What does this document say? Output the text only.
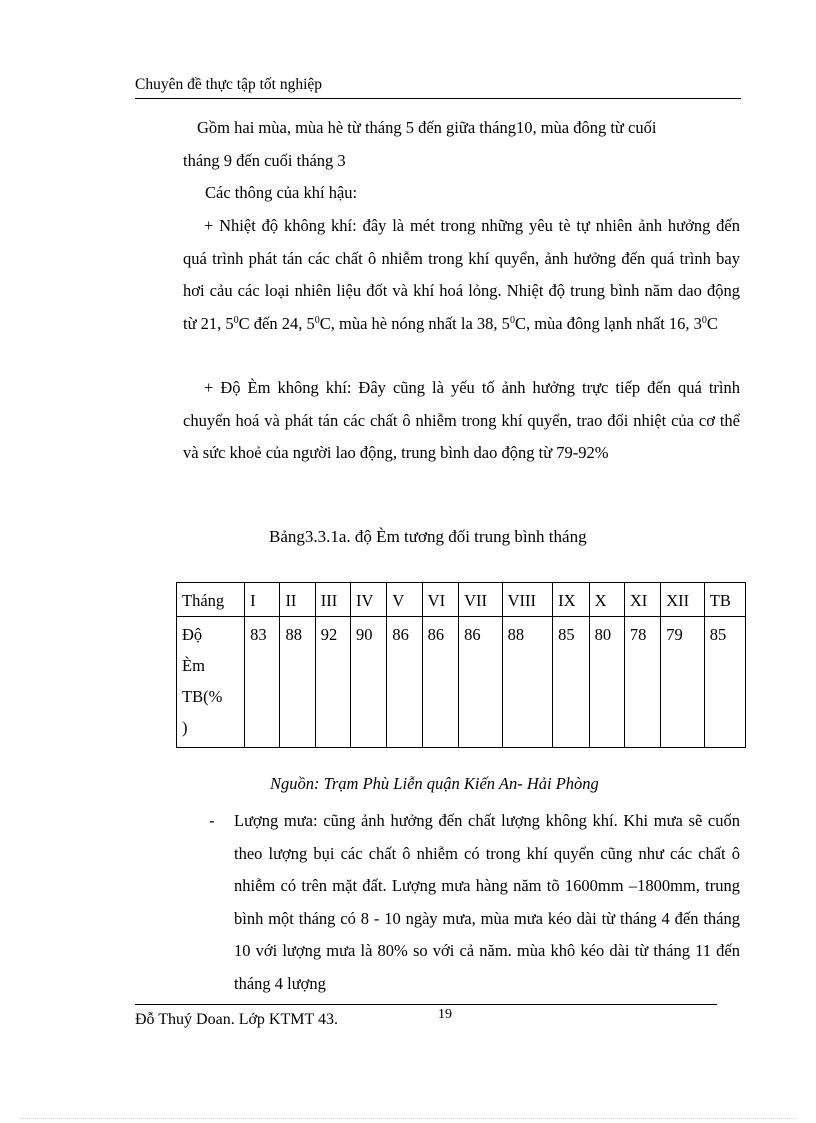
Chuyên đề thực tập tốt nghiệp
Gồm hai mùa, mùa hè từ tháng 5 đến giữa tháng10, mùa đông từ cuối
tháng 9 đến cuối tháng 3
Các thông của khí hậu:
+ Nhiệt độ không khí: đây là mét trong những yêu tè tự nhiên ảnh hưởng đến quá trình phát tán các chất ô nhiễm trong khí quyển, ảnh hưởng đến quá trình bay hơi cảu các loại nhiên liệu đốt và khí hoá lỏng. Nhiệt độ trung bình năm dao động từ 21, $5^0C$ đến 24, $5^0C$, mùa hè nóng nhất la 38, $5^0C$, mùa đông lạnh nhất 16, $3^0C$
+ Độ Èm không khí: Đây cũng là yếu tố ảnh hưởng trực tiếp đến quá trình chuyển hoá và phát tán các chất ô nhiễm trong khí quyển, trao đổi nhiệt của cơ thể và sức khoẻ của người lao động, trung bình dao động từ 79-92%
Bảng3.3.1a. độ Èm tương đối trung bình tháng
Tháng	I	II	III	IV	V	VI	VII	VIII	IX	X	XI	XII	TB

Độ
Èm
TB(%
)	83	88	92	90	86	86	86	88	85	80	78	79	85
Nguồn: Trạm Phù Liễn quận Kiến An- Hải Phòng
- Lượng mưa: cũng ảnh hưởng đến chất lượng không khí. Khi mưa sẽ cuốn theo lượng bụi các chất ô nhiễm có trong khí quyển cũng như các chất ô nhiễm có trên mặt đất. Lượng mưa hàng năm tõ 1600mm –1800mm, trung bình một tháng có 8 - 10 ngày mưa, mùa mưa kéo dài từ tháng 4 đến tháng 10 với lượng mưa là 80% so với cả năm. mùa khô kéo dài từ tháng 11 đến tháng 4 lượng
Đỗ Thuý Doan. Lớp KTMT 43.	19
